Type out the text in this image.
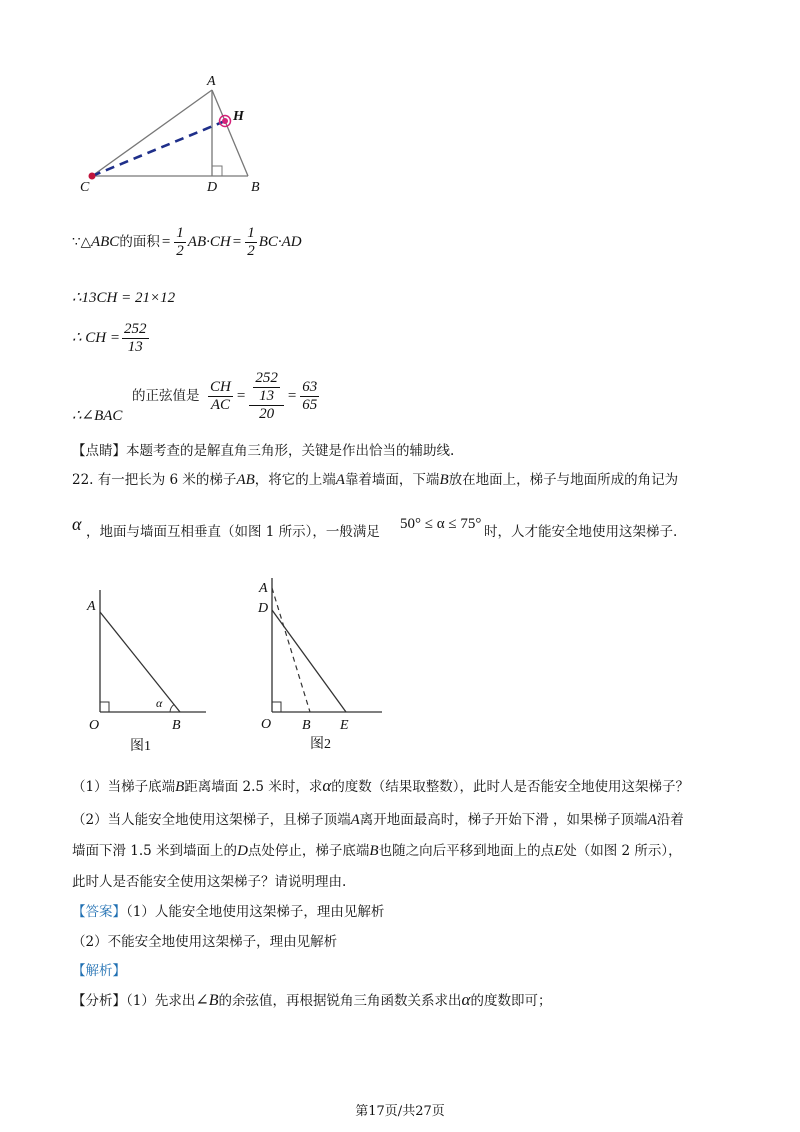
A
H
C	D B
∵△ABC的面积 = $\frac{1}{2} AB\cdot CH = \frac{1}{2} BC\cdot AD$
∴13CH = 21×12
∴ CH = $\frac{252}{13}$
∴∠BAC
的正弦值是 $\frac{CH}{AC} = 252$
13
$20 = \frac{63}{65}$
【点睛】本题考查的是解直角三角形，关键是作出恰当的辅助线.
22. 有一把长为 6 米的梯子AB，将它的上端A靠着墙面，下端B放在地面上，梯子与地面所成的角记为
α ，地面与墙面互相垂直（如图 1 所示），一般满足 50° ≤ α ≤ 75° 时，人才能安全地使用这架梯子.
A
O	B
α
图1
A
D
O B E
图2
（1）当梯子底端B距离墙面 2.5 米时，求α的度数（结果取整数），此时人是否能安全地使用这架梯子？
（2）当人能安全地使用这架梯子，且梯子顶端A离开地面最高时，梯子开始下滑 ，如果梯子顶端A沿着
墙面下滑 1.5 米到墙面上的D点处停止，梯子底端B也随之向后平移到地面上的点E处（如图 2 所示），
此时人是否能安全使用这架梯子？请说明理由.
【答案】（1）人能安全地使用这架梯子，理由见解析
（2）不能安全地使用这架梯子，理由见解析
【解析】
【分析】（1）先求出∠B的余弦值，再根据锐角三角函数关系求出α的度数即可；
第17页/共27页
